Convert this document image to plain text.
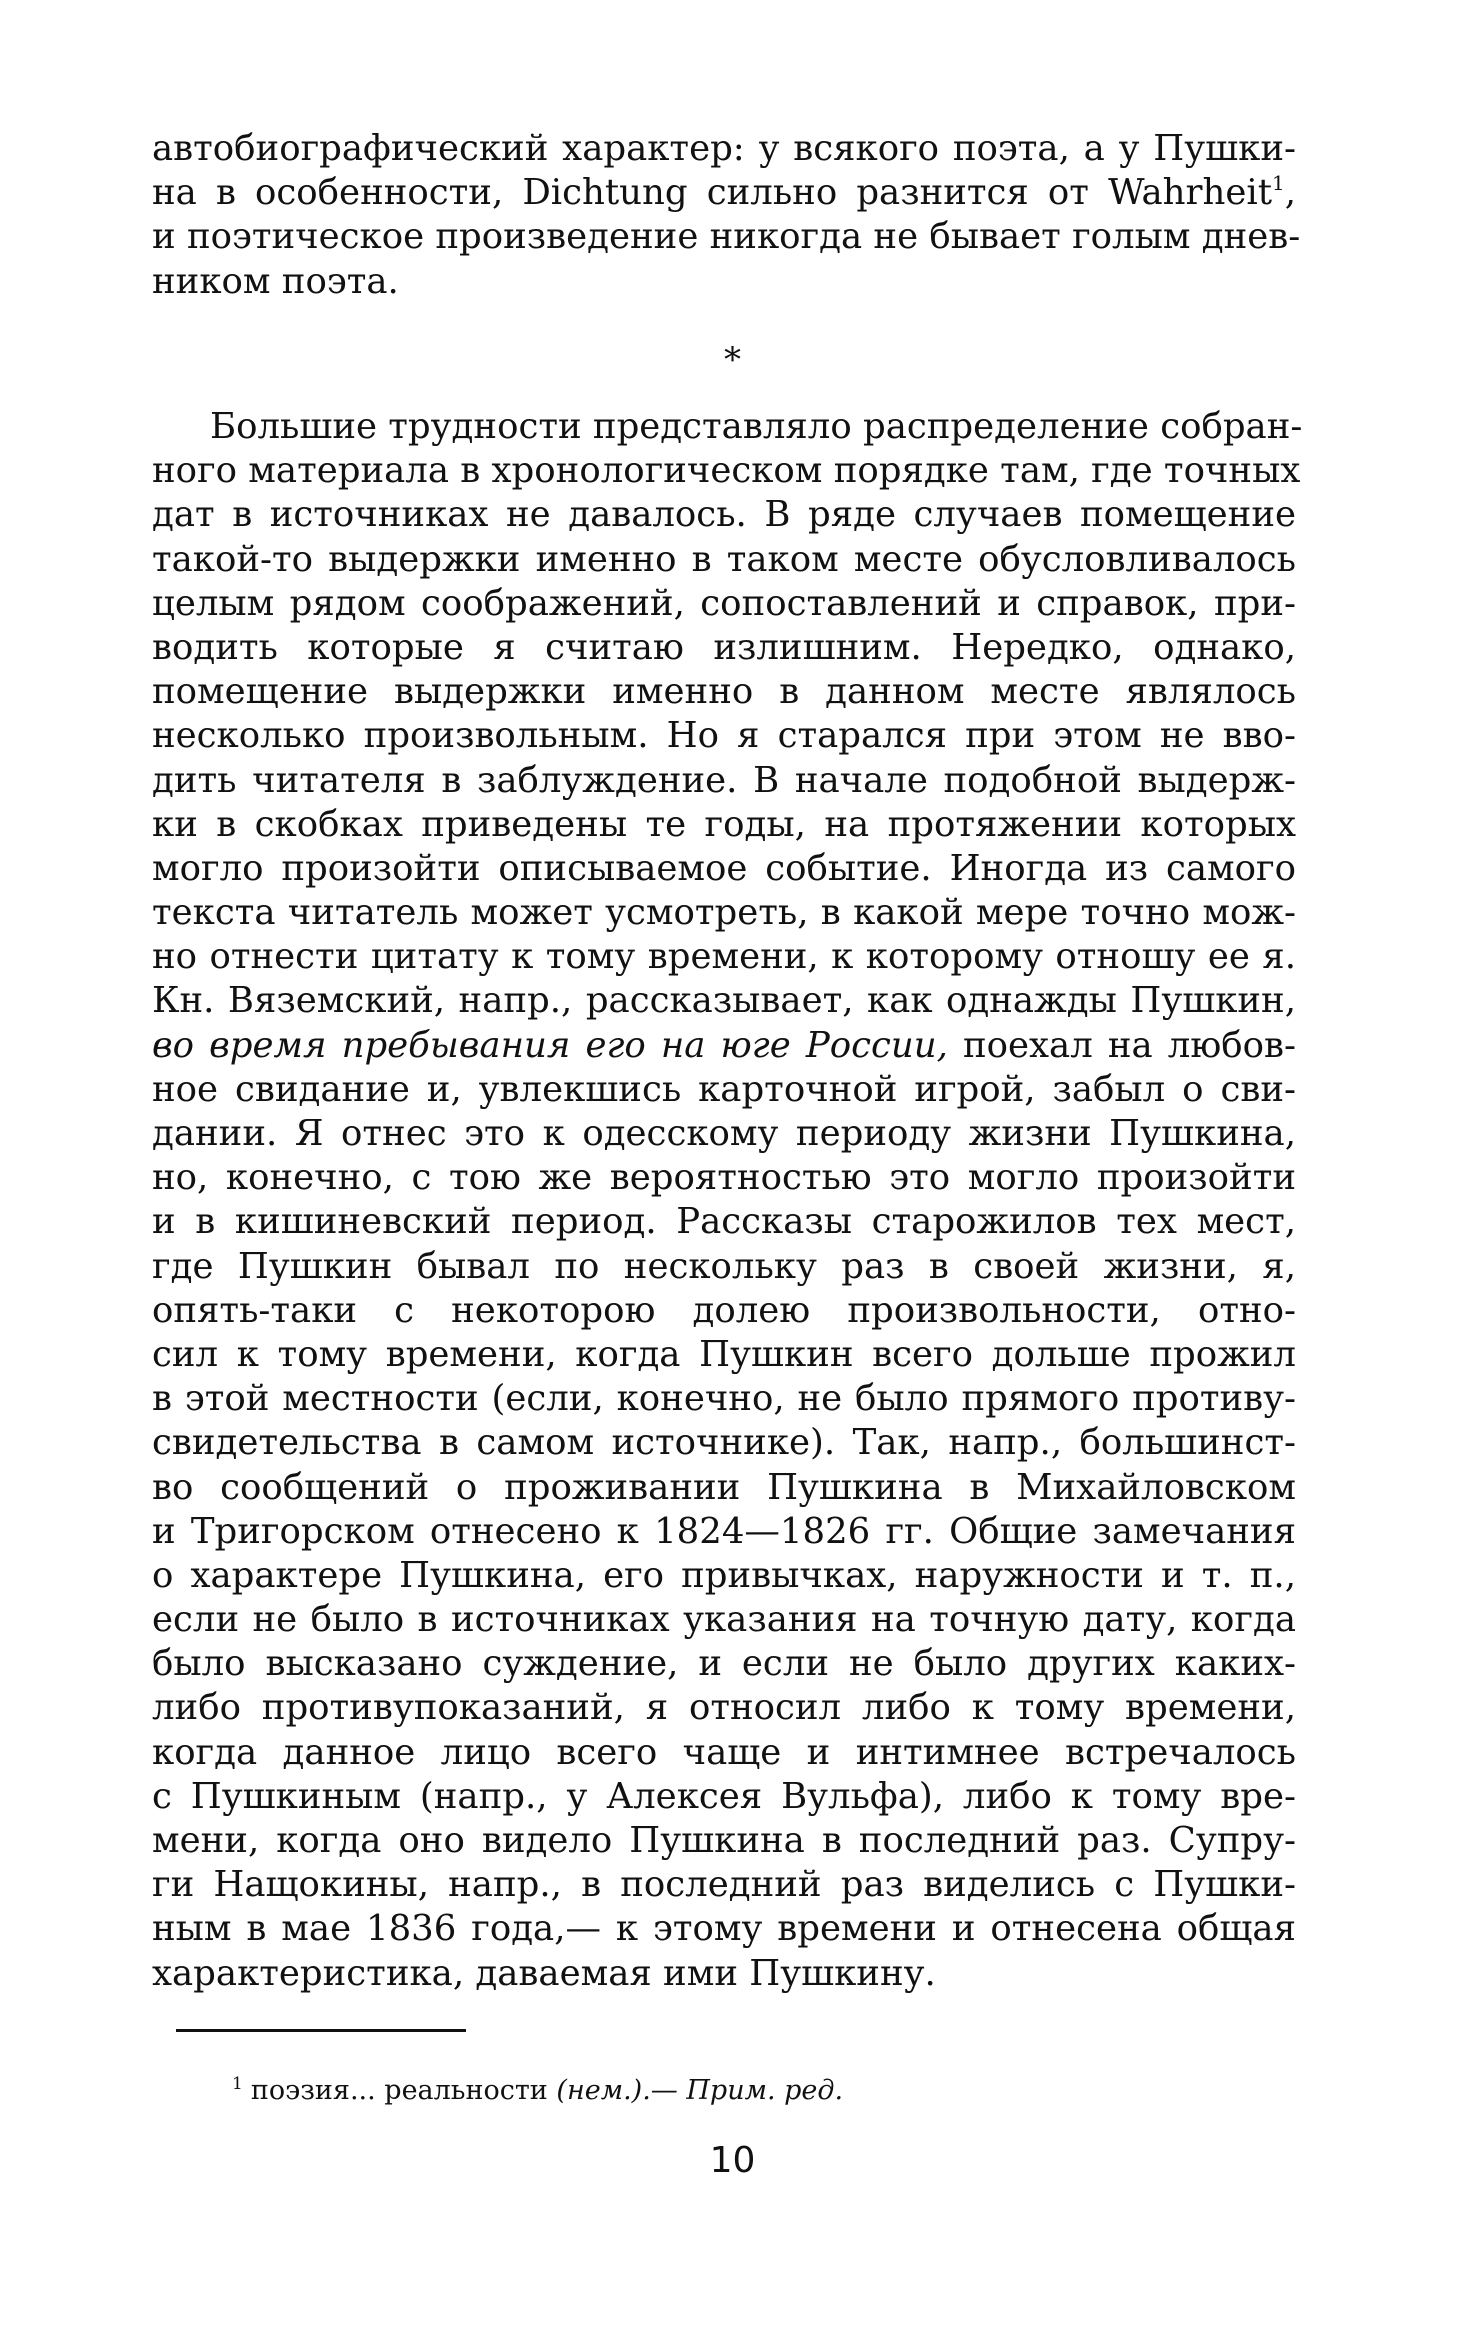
автобиографический характер: у всякого поэта, а у Пушки-
на в особенности, Dichtung сильно разнится от Wahrheit$^1$,
и поэтическое произведение никогда не бывает голым днев-
ником поэта.
*
Большие трудности представляло распределение собран-
ного материала в хронологическом порядке там, где точных
дат в источниках не давалось. В ряде случаев помещение
такой-то выдержки именно в таком месте обусловливалось
целым рядом соображений, сопоставлений и справок, при-
водить которые я считаю излишним. Нередко, однако,
помещение выдержки именно в данном месте являлось
несколько произвольным. Но я старался при этом не вво-
дить читателя в заблуждение. В начале подобной выдерж-
ки в скобках приведены те годы, на протяжении которых
могло произойти описываемое событие. Иногда из самого
текста читатель может усмотреть, в какой мере точно мож-
но отнести цитату к тому времени, к которому отношу ее я.
Кн. Вяземский, напр., рассказывает, как однажды Пушкин,
во время пребывания его на юге России, поехал на любов-
ное свидание и, увлекшись карточной игрой, забыл о сви-
дании. Я отнес это к одесскому периоду жизни Пушкина,
но, конечно, с тою же вероятностью это могло произойти
и в кишиневский период. Рассказы старожилов тех мест,
где Пушкин бывал по нескольку раз в своей жизни, я,
опять-таки с некоторою долею произвольности, отно-
сил к тому времени, когда Пушкин всего дольше прожил
в этой местности (если, конечно, не было прямого противу-
свидетельства в самом источнике). Так, напр., большинст-
во сообщений о проживании Пушкина в Михайловском
и Тригорском отнесено к 1824—1826 гг. Общие замечания
о характере Пушкина, его привычках, наружности и т. п.,
если не было в источниках указания на точную дату, когда
было высказано суждение, и если не было других каких-
либо противупоказаний, я относил либо к тому времени,
когда данное лицо всего чаще и интимнее встречалось
с Пушкиным (напр., у Алексея Вульфа), либо к тому вре-
мени, когда оно видело Пушкина в последний раз. Супру-
ги Нащокины, напр., в последний раз виделись с Пушки-
ным в мае 1836 года,— к этому времени и отнесена общая
характеристика, даваемая ими Пушкину.
$^1$ поэзия... реальности (нем.).— Прим. ред.
10
